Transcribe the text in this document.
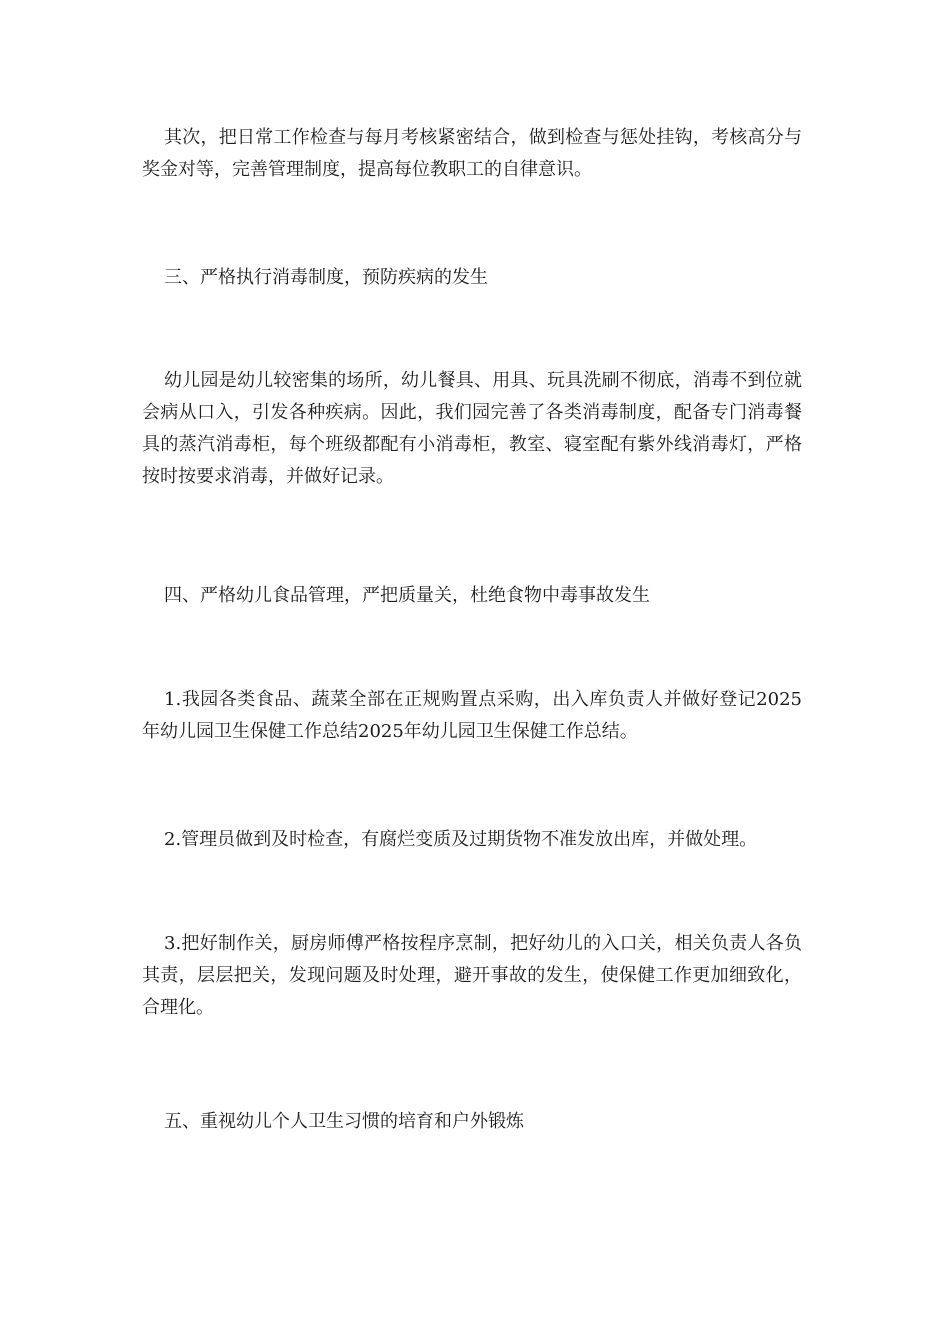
其次，把日常工作检查与每月考核紧密结合，做到检查与惩处挂钩，考核高分与奖金对等，完善管理制度，提高每位教职工的自律意识。

三、严格执行消毒制度，预防疾病的发生

幼儿园是幼儿较密集的场所，幼儿餐具、用具、玩具洗刷不彻底，消毒不到位就会病从口入，引发各种疾病。因此，我们园完善了各类消毒制度，配备专门消毒餐具的蒸汽消毒柜，每个班级都配有小消毒柜，教室、寝室配有紫外线消毒灯，严格按时按要求消毒，并做好记录。

四、严格幼儿食品管理，严把质量关，杜绝食物中毒事故发生

1.我园各类食品、蔬菜全部在正规购置点采购，出入库负责人并做好登记2025年幼儿园卫生保健工作总结2025年幼儿园卫生保健工作总结。

2.管理员做到及时检查，有腐烂变质及过期货物不准发放出库，并做处理。

3.把好制作关，厨房师傅严格按程序烹制，把好幼儿的入口关，相关负责人各负其责，层层把关，发现问题及时处理，避开事故的发生，使保健工作更加细致化，合理化。

五、重视幼儿个人卫生习惯的培育和户外锻炼
